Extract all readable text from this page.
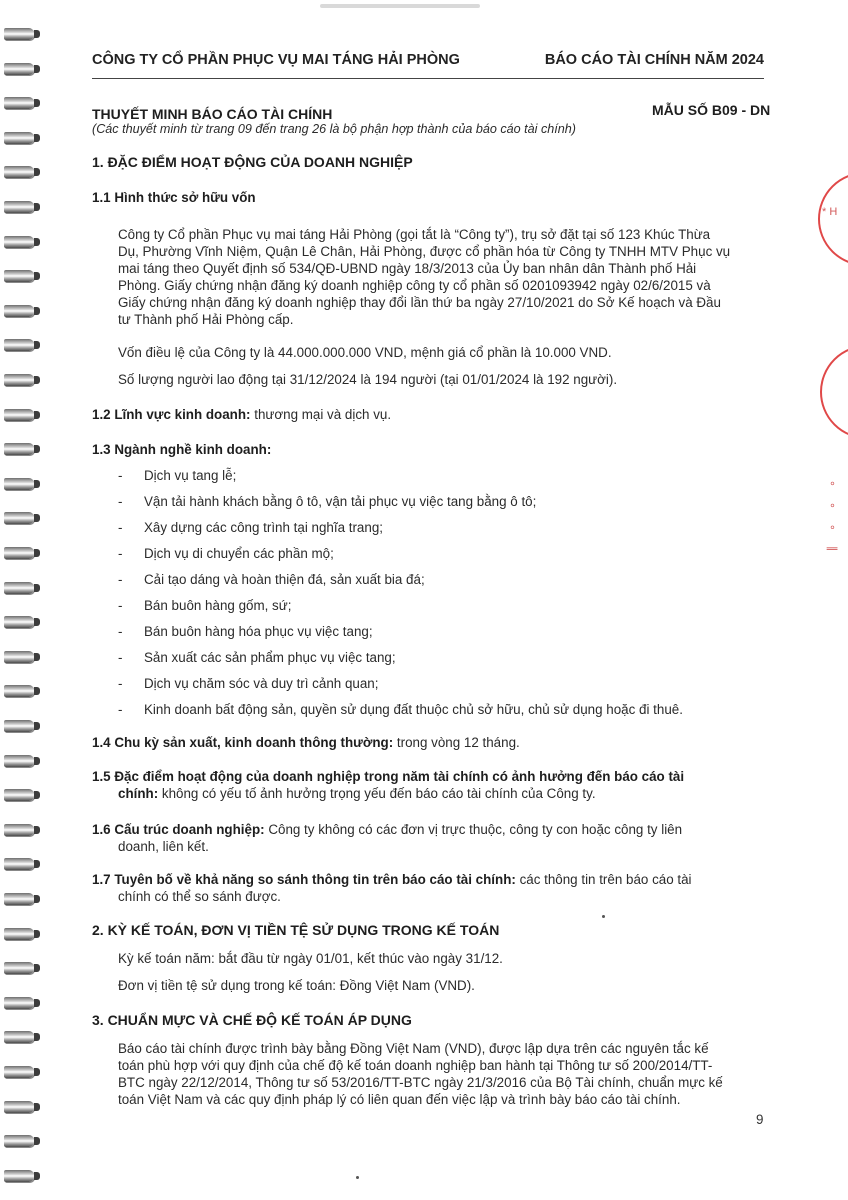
* H
∘ ∘ ∘ ∥
CÔNG TY CỔ PHẦN PHỤC VỤ MAI TÁNG HẢI PHÒNG	BÁO CÁO TÀI CHÍNH NĂM 2024
THUYẾT MINH BÁO CÁO TÀI CHÍNH	MẪU SỐ B09 - DN
(Các thuyết minh từ trang 09 đến trang 26 là bộ phận hợp thành của báo cáo tài chính)
1. ĐẶC ĐIỂM HOẠT ĐỘNG CỦA DOANH NGHIỆP
1.1 Hình thức sở hữu vốn
Công ty Cổ phần Phục vụ mai táng Hải Phòng (gọi tắt là “Công ty”), trụ sở đặt tại số 123 Khúc Thừa
Dụ, Phường Vĩnh Niệm, Quận Lê Chân, Hải Phòng, được cổ phần hóa từ Công ty TNHH MTV Phục vụ
mai táng theo Quyết định số 534/QĐ-UBND ngày 18/3/2013 của Ủy ban nhân dân Thành phố Hải
Phòng. Giấy chứng nhận đăng ký doanh nghiệp công ty cổ phần số 0201093942 ngày 02/6/2015 và
Giấy chứng nhận đăng ký doanh nghiệp thay đổi lần thứ ba ngày 27/10/2021 do Sở Kế hoạch và Đầu
tư Thành phố Hải Phòng cấp.
Vốn điều lệ của Công ty là 44.000.000.000 VND, mệnh giá cổ phần là 10.000 VND.
Số lượng người lao động tại 31/12/2024 là 194 người (tại 01/01/2024 là 192 người).
1.2 Lĩnh vực kinh doanh: thương mại và dịch vụ.
1.3 Ngành nghề kinh doanh:
- Dịch vụ tang lễ;
- Vận tải hành khách bằng ô tô, vận tải phục vụ việc tang bằng ô tô;
- Xây dựng các công trình tại nghĩa trang;
- Dịch vụ di chuyển các phần mộ;
- Cải tạo dáng và hoàn thiện đá, sản xuất bia đá;
- Bán buôn hàng gốm, sứ;
- Bán buôn hàng hóa phục vụ việc tang;
- Sản xuất các sản phẩm phục vụ việc tang;
- Dịch vụ chăm sóc và duy trì cảnh quan;
- Kinh doanh bất động sản, quyền sử dụng đất thuộc chủ sở hữu, chủ sử dụng hoặc đi thuê.
1.4 Chu kỳ sản xuất, kinh doanh thông thường: trong vòng 12 tháng.
1.5 Đặc điểm hoạt động của doanh nghiệp trong năm tài chính có ảnh hưởng đến báo cáo tài
chính: không có yếu tố ảnh hưởng trọng yếu đến báo cáo tài chính của Công ty.
1.6 Cấu trúc doanh nghiệp: Công ty không có các đơn vị trực thuộc, công ty con hoặc công ty liên
doanh, liên kết.
1.7 Tuyên bố về khả năng so sánh thông tin trên báo cáo tài chính: các thông tin trên báo cáo tài
chính có thể so sánh được.
2. KỲ KẾ TOÁN, ĐƠN VỊ TIỀN TỆ SỬ DỤNG TRONG KẾ TOÁN
Kỳ kế toán năm: bắt đầu từ ngày 01/01, kết thúc vào ngày 31/12.
Đơn vị tiền tệ sử dụng trong kế toán: Đồng Việt Nam (VND).
3. CHUẨN MỰC VÀ CHẾ ĐỘ KẾ TOÁN ÁP DỤNG
Báo cáo tài chính được trình bày bằng Đồng Việt Nam (VND), được lập dựa trên các nguyên tắc kế
toán phù hợp với quy định của chế độ kế toán doanh nghiệp ban hành tại Thông tư số 200/2014/TT-
BTC ngày 22/12/2014, Thông tư số 53/2016/TT-BTC ngày 21/3/2016 của Bộ Tài chính, chuẩn mực kế
toán Việt Nam và các quy định pháp lý có liên quan đến việc lập và trình bày báo cáo tài chính.
9
